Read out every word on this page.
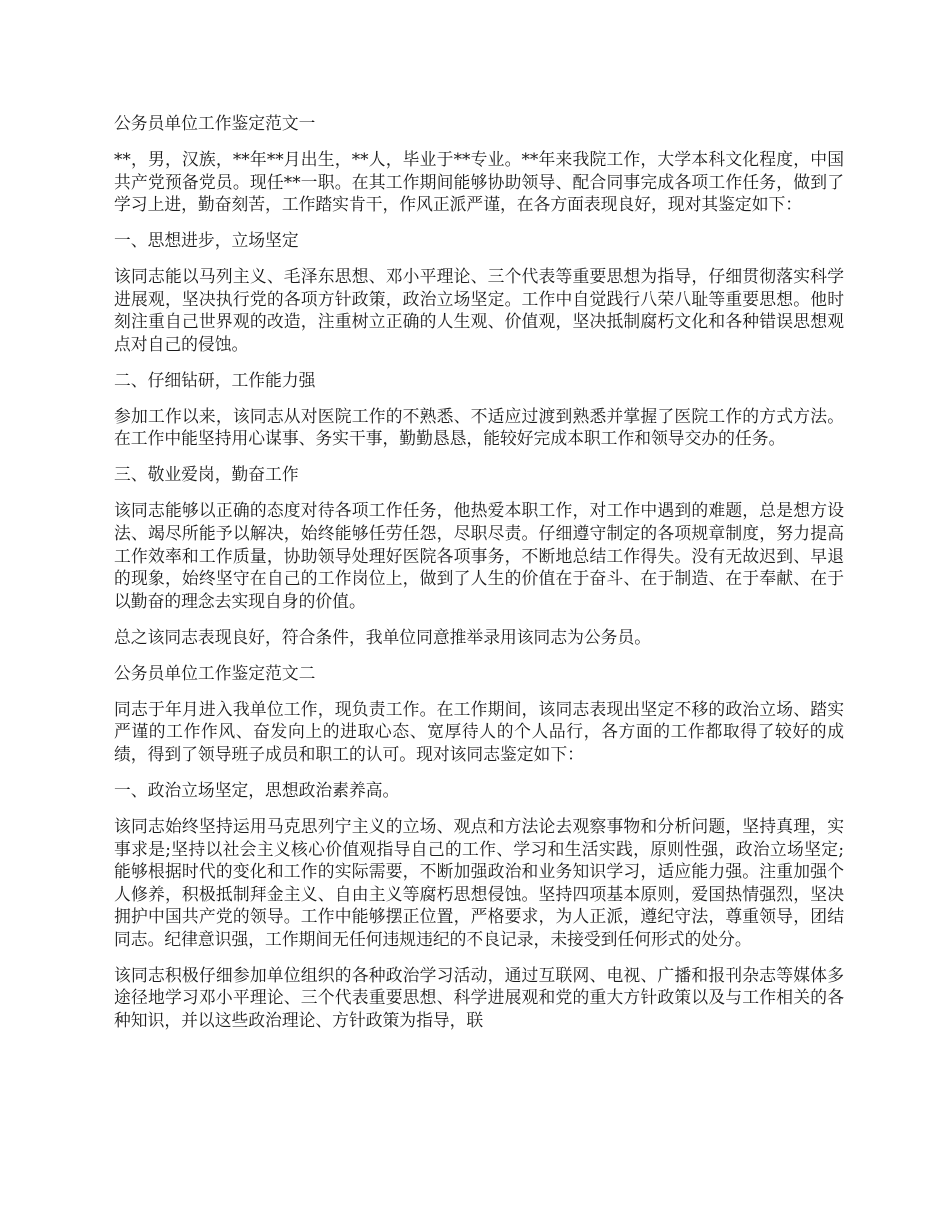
公务员单位工作鉴定范文一

**，男，汉族，**年**月出生，**人，毕业于**专业。**年来我院工作，大学本科文化程度，中国共产党预备党员。现任**一职。在其工作期间能够协助领导、配合同事完成各项工作任务，做到了学习上进，勤奋刻苦，工作踏实肯干，作风正派严谨，在各方面表现良好，现对其鉴定如下：

一、思想进步，立场坚定

该同志能以马列主义、毛泽东思想、邓小平理论、三个代表等重要思想为指导，仔细贯彻落实科学进展观，坚决执行党的各项方针政策，政治立场坚定。工作中自觉践行八荣八耻等重要思想。他时刻注重自己世界观的改造，注重树立正确的人生观、价值观，坚决抵制腐朽文化和各种错误思想观点对自己的侵蚀。

二、仔细钻研，工作能力强

参加工作以来，该同志从对医院工作的不熟悉、不适应过渡到熟悉并掌握了医院工作的方式方法。在工作中能坚持用心谋事、务实干事，勤勤恳恳，能较好完成本职工作和领导交办的任务。

三、敬业爱岗，勤奋工作

该同志能够以正确的态度对待各项工作任务，他热爱本职工作，对工作中遇到的难题，总是想方设法、竭尽所能予以解决，始终能够任劳任怨，尽职尽责。仔细遵守制定的各项规章制度，努力提高工作效率和工作质量，协助领导处理好医院各项事务，不断地总结工作得失。没有无故迟到、早退的现象，始终坚守在自己的工作岗位上，做到了人生的价值在于奋斗、在于制造、在于奉献、在于以勤奋的理念去实现自身的价值。

总之该同志表现良好，符合条件，我单位同意推举录用该同志为公务员。

公务员单位工作鉴定范文二

同志于年月进入我单位工作，现负责工作。在工作期间，该同志表现出坚定不移的政治立场、踏实严谨的工作作风、奋发向上的进取心态、宽厚待人的个人品行，各方面的工作都取得了较好的成绩，得到了领导班子成员和职工的认可。现对该同志鉴定如下：

一、政治立场坚定，思想政治素养高。

该同志始终坚持运用马克思列宁主义的立场、观点和方法论去观察事物和分析问题，坚持真理，实事求是;坚持以社会主义核心价值观指导自己的工作、学习和生活实践，原则性强，政治立场坚定;能够根据时代的变化和工作的实际需要，不断加强政治和业务知识学习，适应能力强。注重加强个人修养，积极抵制拜金主义、自由主义等腐朽思想侵蚀。坚持四项基本原则，爱国热情强烈，坚决拥护中国共产党的领导。工作中能够摆正位置，严格要求，为人正派，遵纪守法，尊重领导，团结同志。纪律意识强，工作期间无任何违规违纪的不良记录，未接受到任何形式的处分。

该同志积极仔细参加单位组织的各种政治学习活动，通过互联网、电视、广播和报刊杂志等媒体多途径地学习邓小平理论、三个代表重要思想、科学进展观和党的重大方针政策以及与工作相关的各种知识，并以这些政治理论、方针政策为指导，联
